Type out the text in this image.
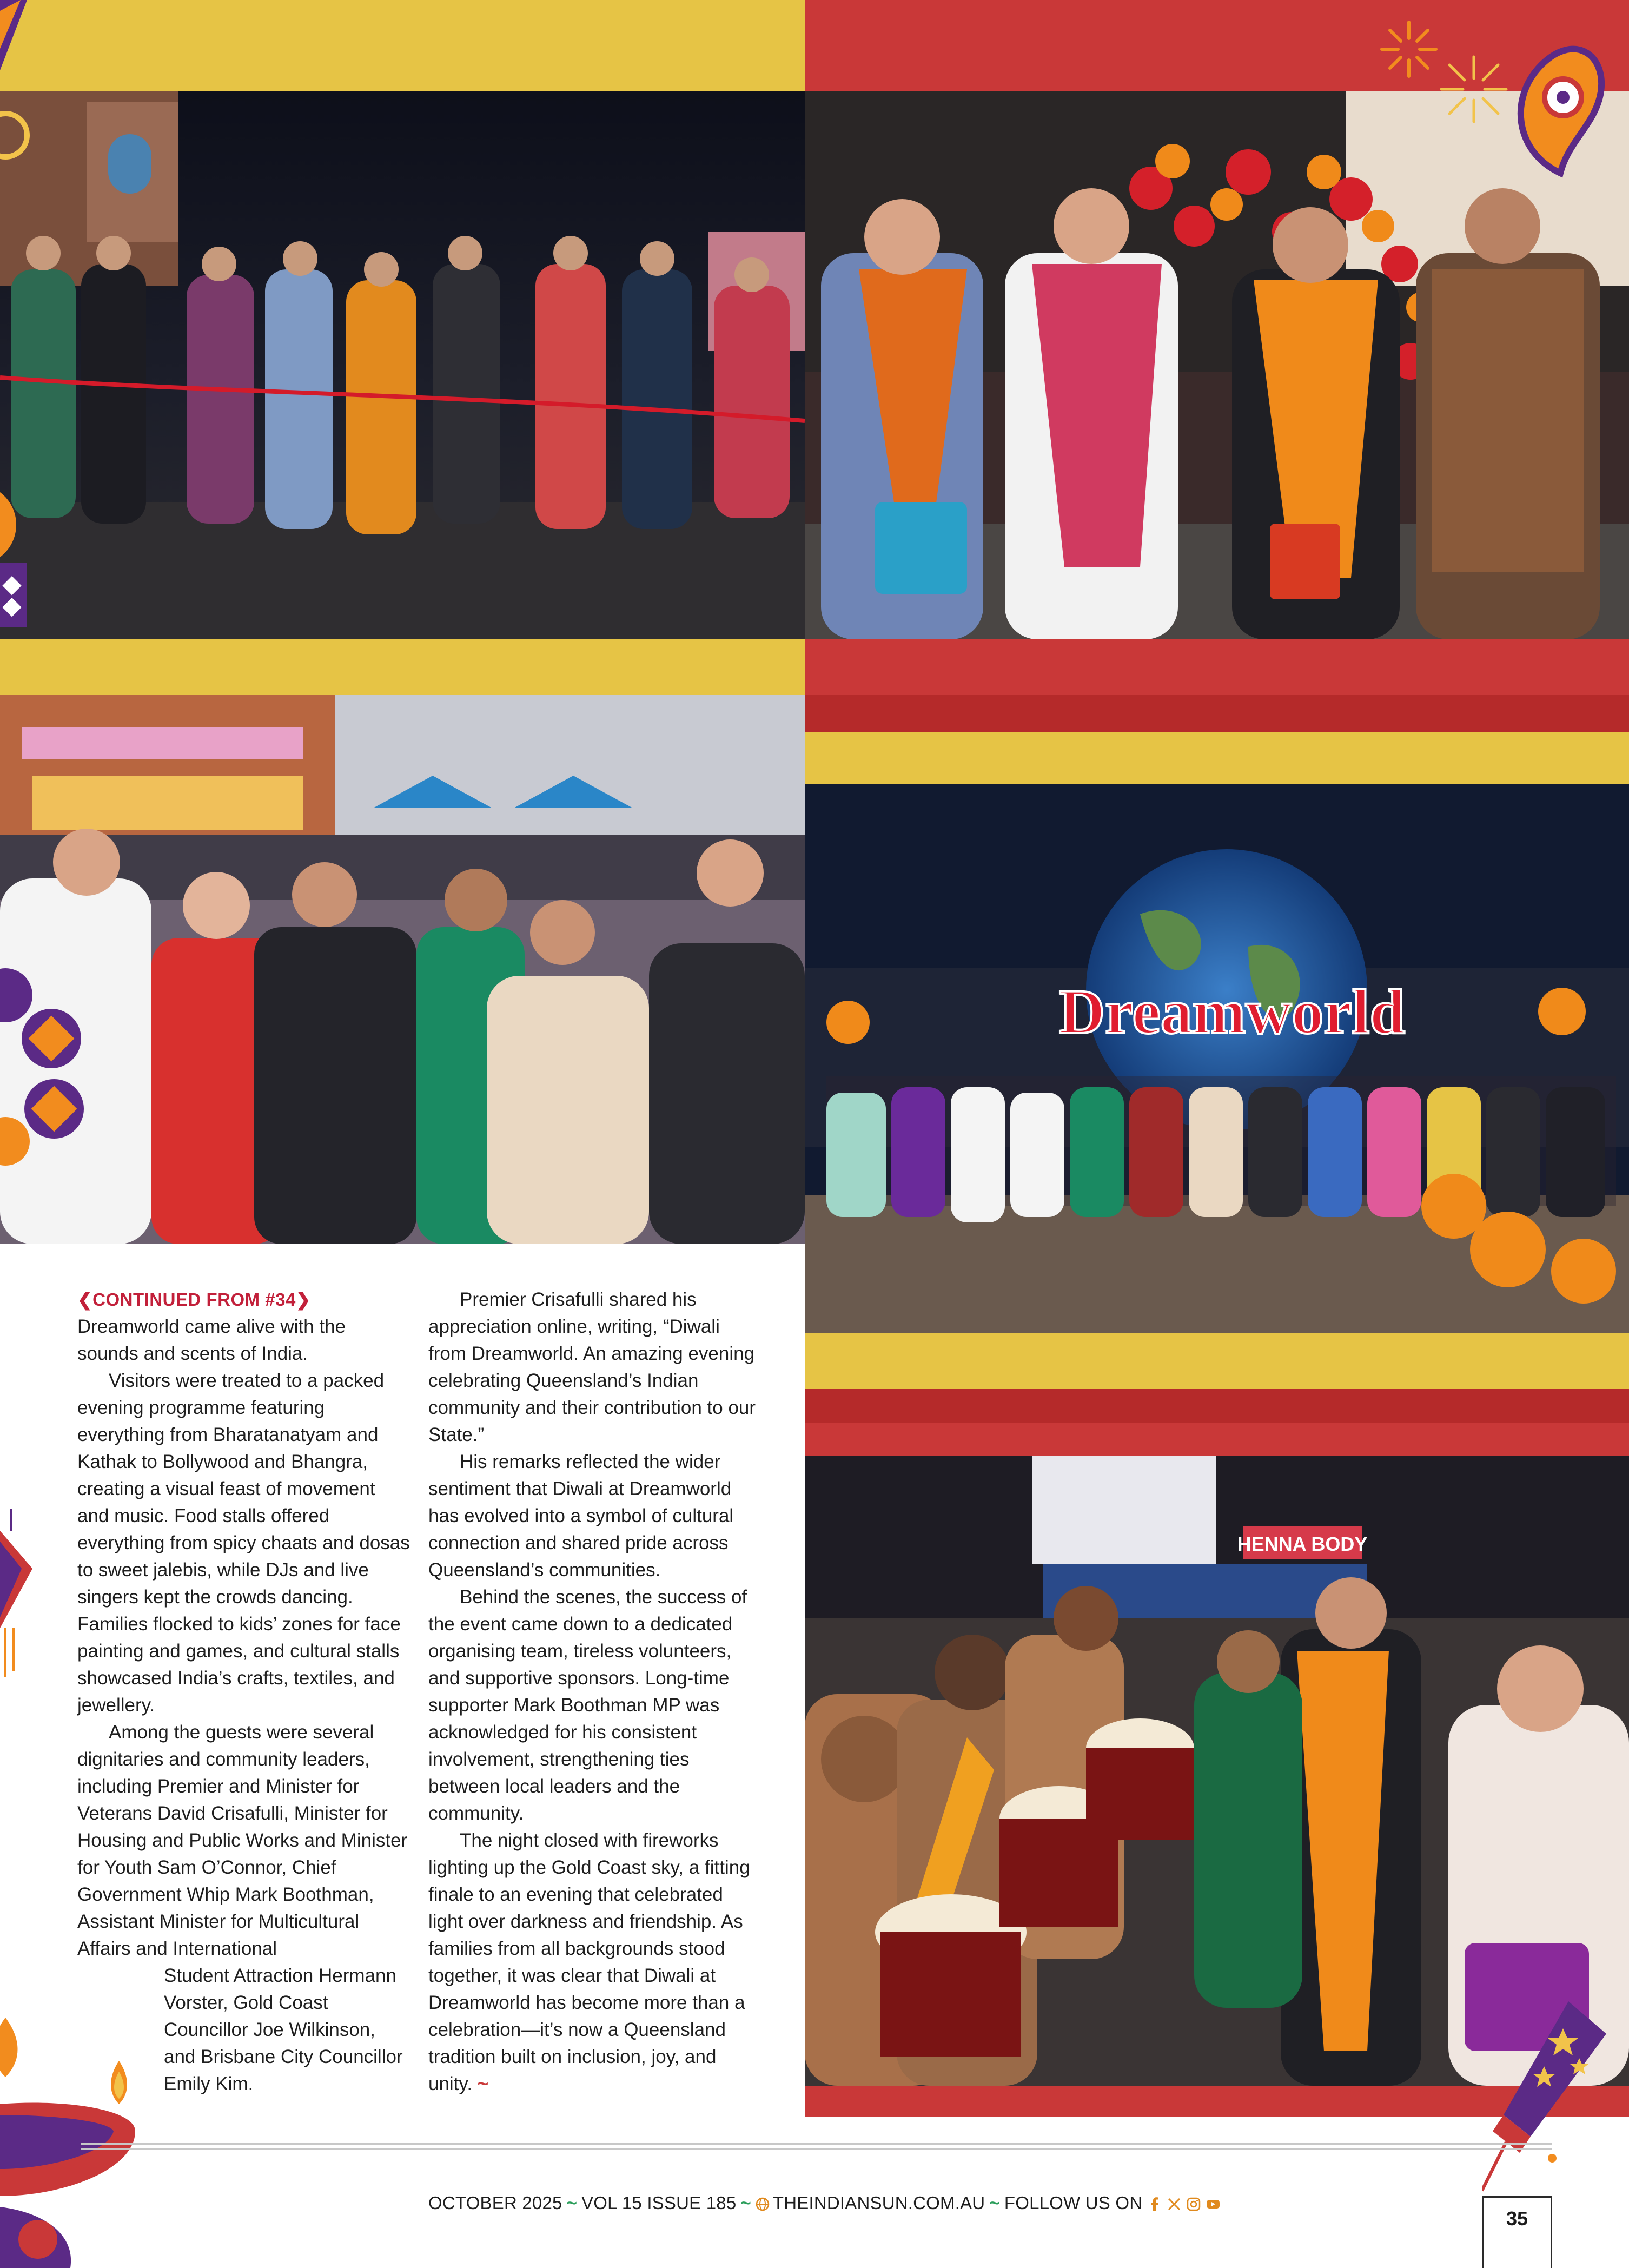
Dreamworld
HENNA BODY

❮CONTINUED FROM #34❯
Dreamworld came alive with the sounds and scents of India.

Visitors were treated to a packed evening programme featuring everything from Bharatanatyam and Kathak to Bollywood and Bhangra, creating a visual feast of movement and music. Food stalls offered everything from spicy chaats and dosas to sweet jalebis, while DJs and live singers kept the crowds dancing. Families flocked to kids’ zones for face painting and games, and cultural stalls showcased India’s crafts, textiles, and jewellery.

Among the guests were several dignitaries and community leaders, including Premier and Minister for Veterans David Crisafulli, Minister for Housing and Public Works and Minister for Youth Sam O’Connor, Chief Government Whip Mark Boothman, Assistant Minister for Multicultural Affairs and International

Student Attraction Hermann Vorster, Gold Coast Councillor Joe Wilkinson, and Brisbane City Councillor Emily Kim.

Premier Crisafulli shared his appreciation online, writing, “Diwali from Dreamworld. An amazing evening celebrating Queensland’s Indian community and their contribution to our State.”

His remarks reflected the wider sentiment that Diwali at Dreamworld has evolved into a symbol of cultural connection and shared pride across Queensland’s communities.

Behind the scenes, the success of the event came down to a dedicated organising team, tireless volunteers, and supportive sponsors. Long-time supporter Mark Boothman MP was acknowledged for his consistent involvement, strengthening ties between local leaders and the community.

The night closed with fireworks lighting up the Gold Coast sky, a fitting finale to an evening that celebrated light over darkness and friendship. As families from all backgrounds stood together, it was clear that Diwali at Dreamworld has become more than a celebration—it’s now a Queensland tradition built on inclusion, joy, and unity. ~

OCTOBER 2025 ~ VOL 15 ISSUE 185 ~ THEINDIANSUN.COM.AU ~ FOLLOW US ON
35
